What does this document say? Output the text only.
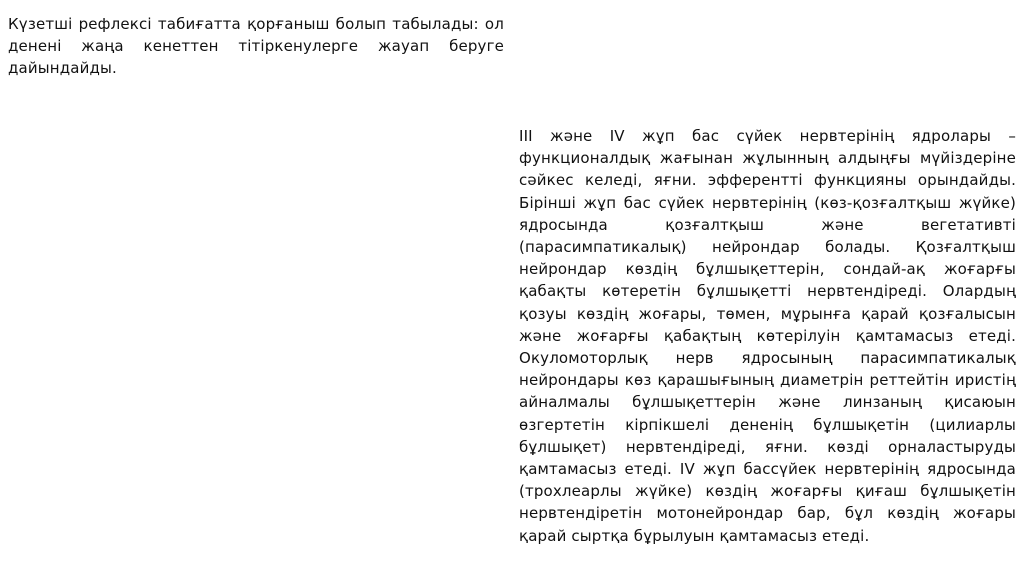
Күзетші рефлексі табиғатта қорғаныш болып табылады: ол денені жаңа кенеттен тітіркенулерге жауап беруге дайындайды.

ІІІ және IV жұп бас сүйек нервтерінің ядролары – функционалдық жағынан жұлынның алдыңғы мүйіздеріне сәйкес келеді, яғни. эфферентті функцияны орындайды. Бірінші жұп бас сүйек нервтерінің (көз-қозғалтқыш жүйке) ядросында қозғалтқыш және вегетативті (парасимпатикалық) нейрондар болады. Қозғалтқыш нейрондар көздің бұлшықеттерін, сондай-ақ жоғарғы қабақты көтеретін бұлшықетті нервтендіреді. Олардың қозуы көздің жоғары, төмен, мұрынға қарай қозғалысын және жоғарғы қабақтың көтерілуін қамтамасыз етеді. Окуломоторлық нерв ядросының парасимпатикалық нейрондары көз қарашығының диаметрін реттейтін иристің айналмалы бұлшықеттерін және линзаның қисаюын өзгертетін кірпікшелі дененің бұлшықетін (цилиарлы бұлшықет) нервтендіреді, яғни. көзді орналастыруды қамтамасыз етеді. IV жұп бассүйек нервтерінің ядросында (трохлеарлы жүйке) көздің жоғарғы қиғаш бұлшықетін нервтендіретін мотонейрондар бар, бұл көздің жоғары қарай сыртқа бұрылуын қамтамасыз етеді.
